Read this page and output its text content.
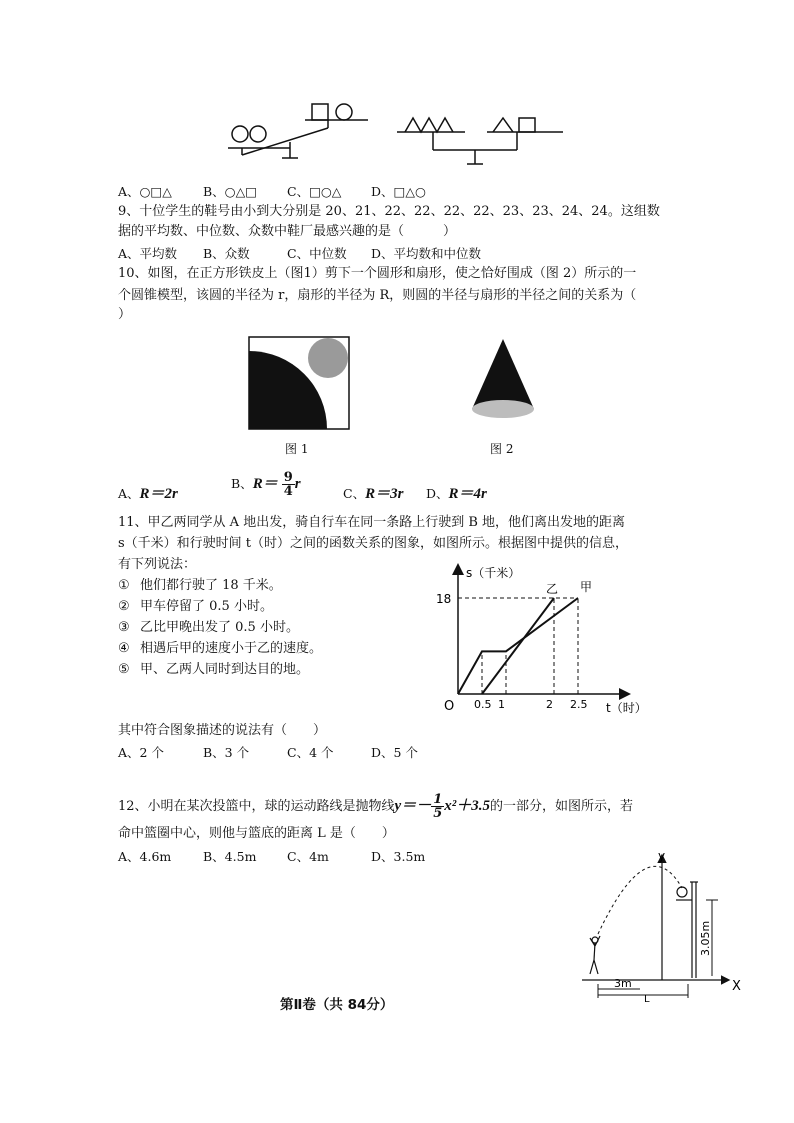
A、○□△ B、○△□ C、□○△ D、□△○
9、十位学生的鞋号由小到大分别是 20、21、22、22、22、22、23、23、24、24。这组数
据的平均数、中位数、众数中鞋厂最感兴趣的是（　　　）
A、平均数 B、众数	C、中位数 D、平均数和中位数
10、如图，在正方形铁皮上（图1）剪下一个圆形和扇形，使之恰好围成（图 2）所示的一
个圆锥模型，该圆的半径为 r，扇形的半径为 R，则圆的半径与扇形的半径之间的关系为（
）
图 1	图 2
A、R＝2r
B、$R= \frac{9}{4}$ r
C、R＝3r D、R＝4r
11、甲乙两同学从 A 地出发，骑自行车在同一条路上行驶到 B 地，他们离出发地的距离
s（千米）和行驶时间 t（时）之间的函数关系的图象，如图所示。根据图中提供的信息，
有下列说法：
① 他们都行驶了 18 千米。
② 甲车停留了 0.5 小时。
③ 乙比甲晚出发了 0.5 小时。
④ 相遇后甲的速度小于乙的速度。
⑤ 甲、乙两人同时到达目的地。
s（千米）
t（时）
O
18
0.5 1	2 2.5
乙 甲
其中符合图象描述的说法有（　　）
A、2 个	B、3 个	C、4 个	D、5 个
12、小明在某次投篮中，球的运动路线是抛物线$y=- \frac{1}{5} x^2+3.5$的一部分，如图所示，若
命中篮圈中心，则他与篮底的距离 L 是（　　）
A、4.6m	B、4.5m C、4m	D、3.5m	y
X
3.05m
3m
L
第Ⅱ卷（共 84分）
